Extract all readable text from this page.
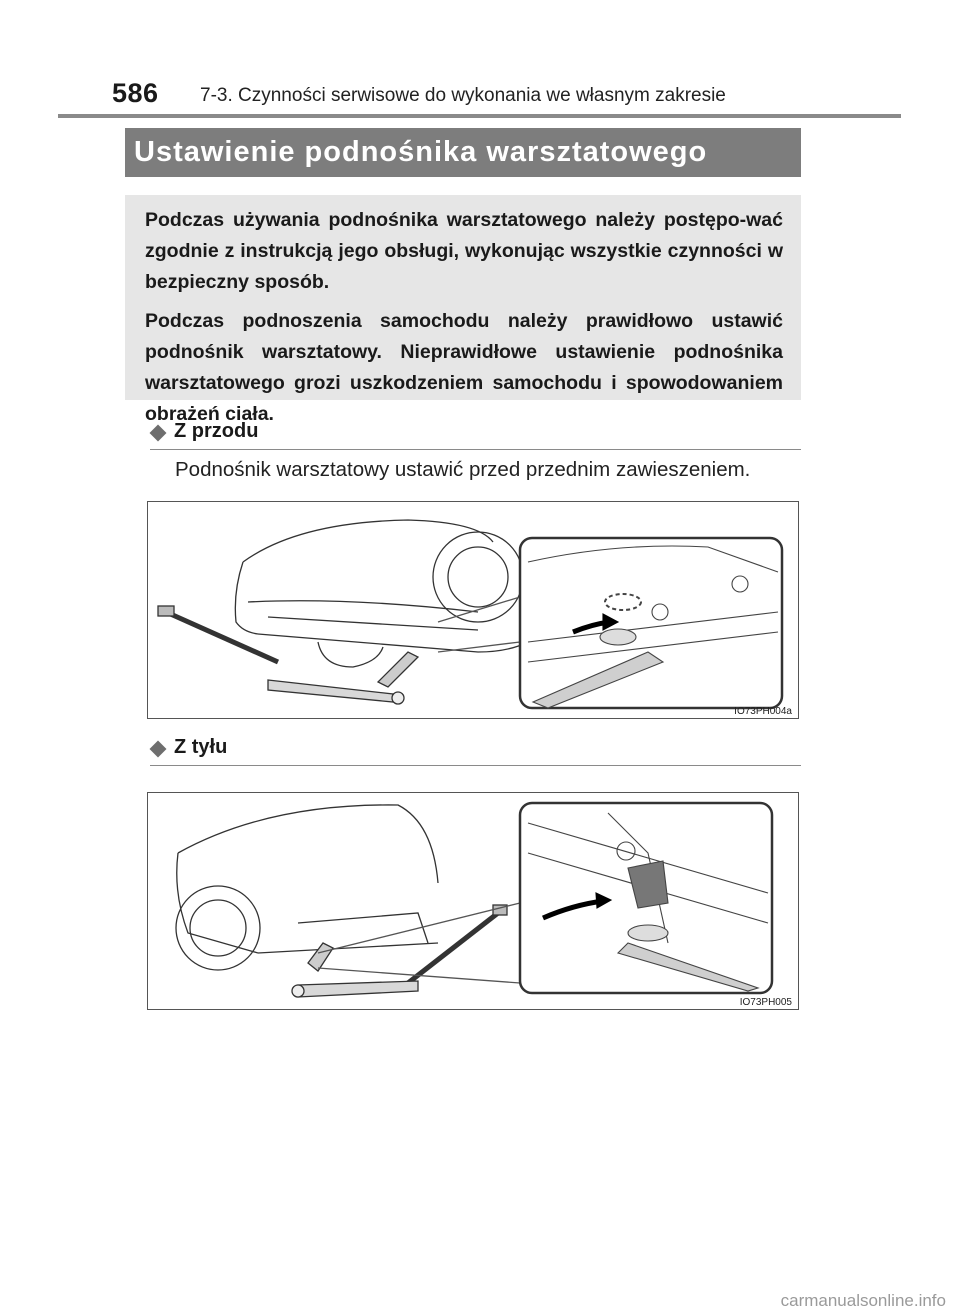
586 7-3. Czynności serwisowe do wykonania we własnym zakresie
Ustawienie podnośnika warsztatowego

Podczas używania podnośnika warsztatowego należy postępo-wać zgodnie z instrukcją jego obsługi, wykonując wszystkie czynności w bezpieczny sposób.

Podczas podnoszenia samochodu należy prawidłowo ustawić podnośnik warsztatowy. Nieprawidłowe ustawienie podnośnika warsztatowego grozi uszkodzeniem samochodu i spowodowaniem obrażeń ciała.

Z przodu
Podnośnik warsztatowy ustawić przed przednim zawieszeniem.
IO73PH004a
Z tyłu
IO73PH005
carmanualsonline.info
